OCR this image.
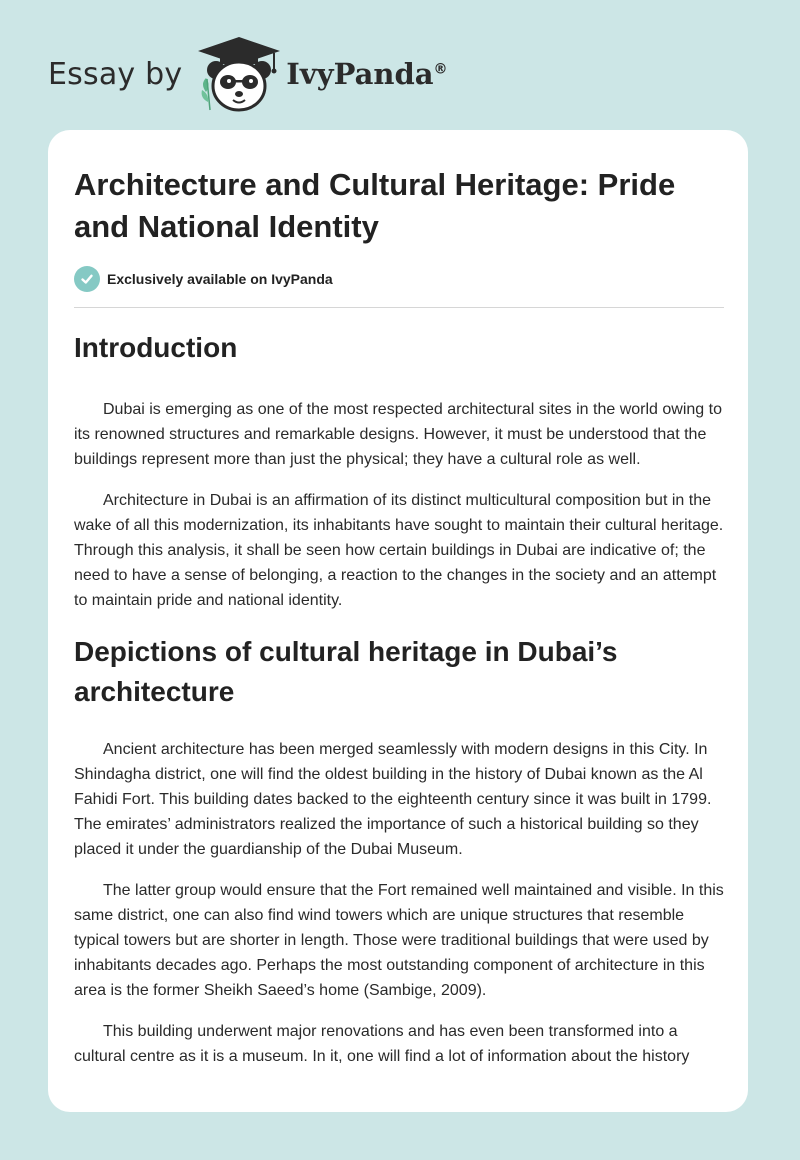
Essay by	IvyPanda®
Architecture and Cultural Heritage: Pride and National Identity
Exclusively available on IvyPanda
Introduction

Dubai is emerging as one of the most respected architectural sites in the world owing to its renowned structures and remarkable designs. However, it must be understood that the buildings represent more than just the physical; they have a cultural role as well.

Architecture in Dubai is an affirmation of its distinct multicultural composition but in the wake of all this modernization, its inhabitants have sought to maintain their cultural heritage. Through this analysis, it shall be seen how certain buildings in Dubai are indicative of; the need to have a sense of belonging, a reaction to the changes in the society and an attempt to maintain pride and national identity.

Depictions of cultural heritage in Dubai’s architecture

Ancient architecture has been merged seamlessly with modern designs in this City. In Shindagha district, one will find the oldest building in the history of Dubai known as the Al Fahidi Fort. This building dates backed to the eighteenth century since it was built in 1799. The emirates’ administrators realized the importance of such a historical building so they placed it under the guardianship of the Dubai Museum.

The latter group would ensure that the Fort remained well maintained and visible. In this same district, one can also find wind towers which are unique structures that resemble typical towers but are shorter in length. Those were traditional buildings that were used by inhabitants decades ago. Perhaps the most outstanding component of architecture in this area is the former Sheikh Saeed’s home (Sambige, 2009).

This building underwent major renovations and has even been transformed into a cultural centre as it is a museum. In it, one will find a lot of information about the history
